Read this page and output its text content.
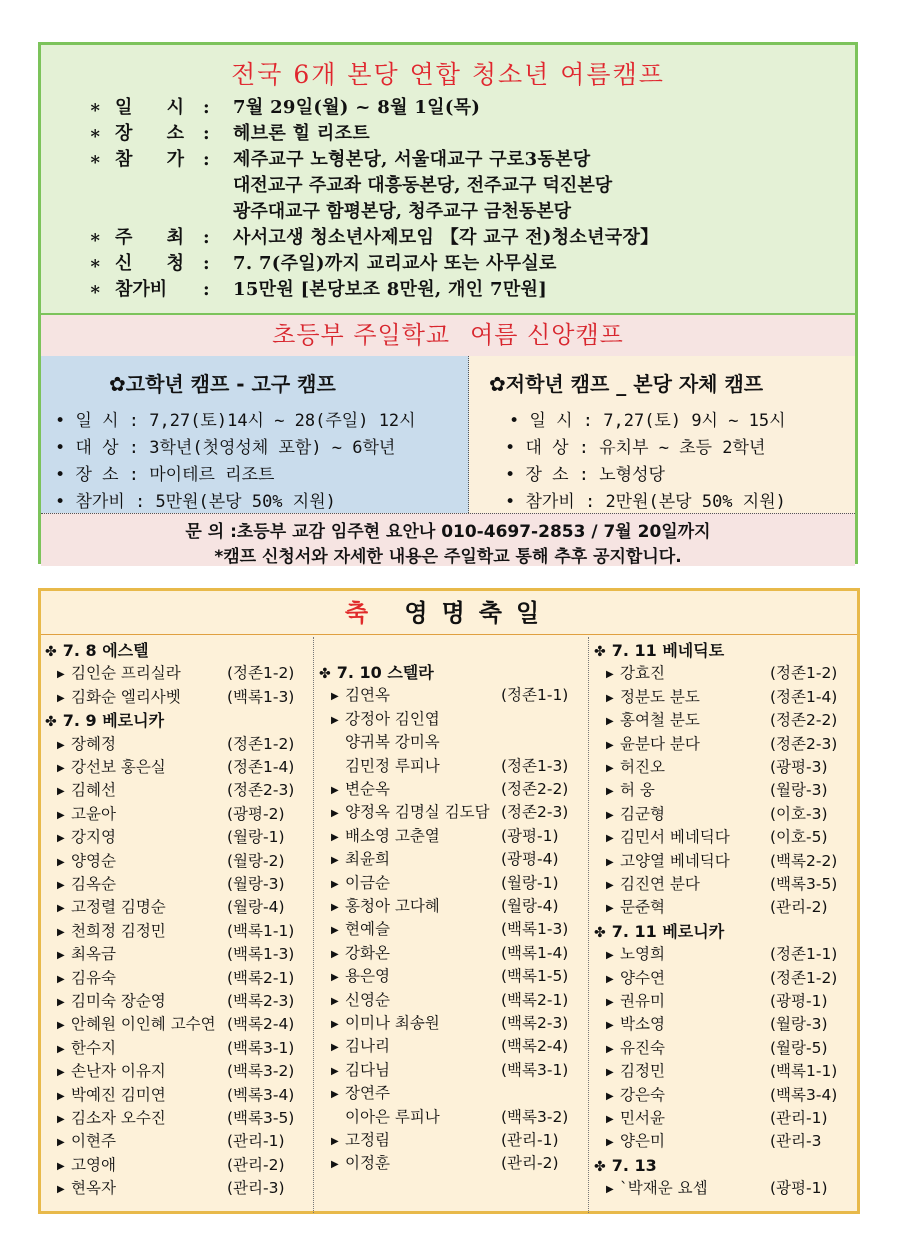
전국 6개 본당 연합 청소년 여름캠프
∗ 일 시 : 7월 29일(월) ~ 8월 1일(목)
∗ 장 소 : 헤브론 힐 리조트
∗ 참 가 : 제주교구 노형본당, 서울대교구 구로3동본당
대전교구 주교좌 대흥동본당, 전주교구 덕진본당
광주대교구 함평본당, 청주교구 금천동본당
∗ 주 최 : 사서고생 청소년사제모임 【각 교구 전)청소년국장】
∗ 신 청 : 7. 7(주일)까지 교리교사 또는 사무실로
∗ 참가비 : 15만원 [본당보조 8만원, 개인 7만원]
초등부 주일학교 여름 신앙캠프
✿고학년 캠프 - 고구 캠프
• 일 시 : 7,27(토)14시 ~ 28(주일) 12시
• 대 상 : 3학년(첫영성체 포함) ~ 6학년
• 장 소 : 마이테르 리조트
• 참가비 : 5만원(본당 50% 지원)
✿저학년 캠프 _ 본당 자체 캠프
• 일 시 : 7,27(토) 9시 ~ 15시
• 대 상 : 유치부 ~ 초등 2학년
• 장 소 : 노형성당
• 참가비 : 2만원(본당 50% 지원)
문 의 :초등부 교감 임주현 요안나 010-4697-2853 / 7월 20일까지
*캠프 신청서와 자세한 내용은 주일학교 통해 추후 공지합니다.
축 영명축일
✤ 7. 8 에스텔
▶ 김인순 프리실라	(정존1-2)
▶ 김화순 엘리사벳	(백록1-3)
✤ 7. 9 베로니카
▶ 장혜정	(정존1-2)
▶ 강선보 홍은실	(정존1-4)
▶ 김혜선	(정존2-3)
▶ 고윤아	(광평-2)
▶ 강지영	(월랑-1)
▶ 양영순	(월랑-2)
▶ 김옥순	(월랑-3)
▶ 고정렬 김명순	(월랑-4)
▶ 천희정 김정민	(백록1-1)
▶ 최옥금	(백록1-3)
▶ 김유숙	(백록2-1)
▶ 김미숙 장순영	(백록2-3)
▶ 안혜원 이인혜 고수연 (백록2-4)
▶ 한수지	(백록3-1)
▶ 손난자 이유지	(백록3-2)
▶ 박예진 김미연	(벡록3-4)
▶ 김소자 오수진	(백록3-5)
▶ 이현주	(관리-1)
▶ 고영애	(관리-2)
▶ 현옥자	(관리-3)
✤ 7. 10 스텔라
▶ 김연옥	(정존1-1)
▶ 강정아 김인엽
양귀복 강미옥
김민정 루피나	(정존1-3)
▶ 변순옥	(정존2-2)
▶ 양정옥 김명실 김도담 (정존2-3)
▶ 배소영 고춘열	(광평-1)
▶ 최윤희	(광평-4)
▶ 이금순	(월랑-1)
▶ 홍청아 고다혜	(월랑-4)
▶ 현예슬	(백록1-3)
▶ 강화온	(백록1-4)
▶ 용은영	(백록1-5)
▶ 신영순	(백록2-1)
▶ 이미나 최송원	(백록2-3)
▶ 김나리	(백록2-4)
▶ 김다님	(백록3-1)
▶ 장연주
이아은 루피나	(백록3-2)
▶ 고정림	(관리-1)
▶ 이정훈	(관리-2)
✤ 7. 11 베네딕토
▶ 강효진	(정존1-2)
▶ 정분도 분도	(정존1-4)
▶ 홍여철 분도	(정존2-2)
▶ 윤분다 분다	(정존2-3)
▶ 허진오	(광평-3)
▶ 허 웅	(월랑-3)
▶ 김군형	(이호-3)
▶ 김민서 베네딕다	(이호-5)
▶ 고양열 베네딕다	(백록2-2)
▶ 김진연 분다	(백록3-5)
▶ 문준혁	(관리-2)
✤ 7. 11 베로니카
▶ 노영희	(정존1-1)
▶ 양수연	(정존1-2)
▶ 권유미	(광평-1)
▶ 박소영	(월랑-3)
▶ 유진숙	(월랑-5)
▶ 김정민	(백록1-1)
▶ 강은숙	(백록3-4)
▶ 민서윤	(관리-1)
▶ 양은미	(관리-3
✤ 7. 13
▶ `박재운 요셉	(광평-1)
